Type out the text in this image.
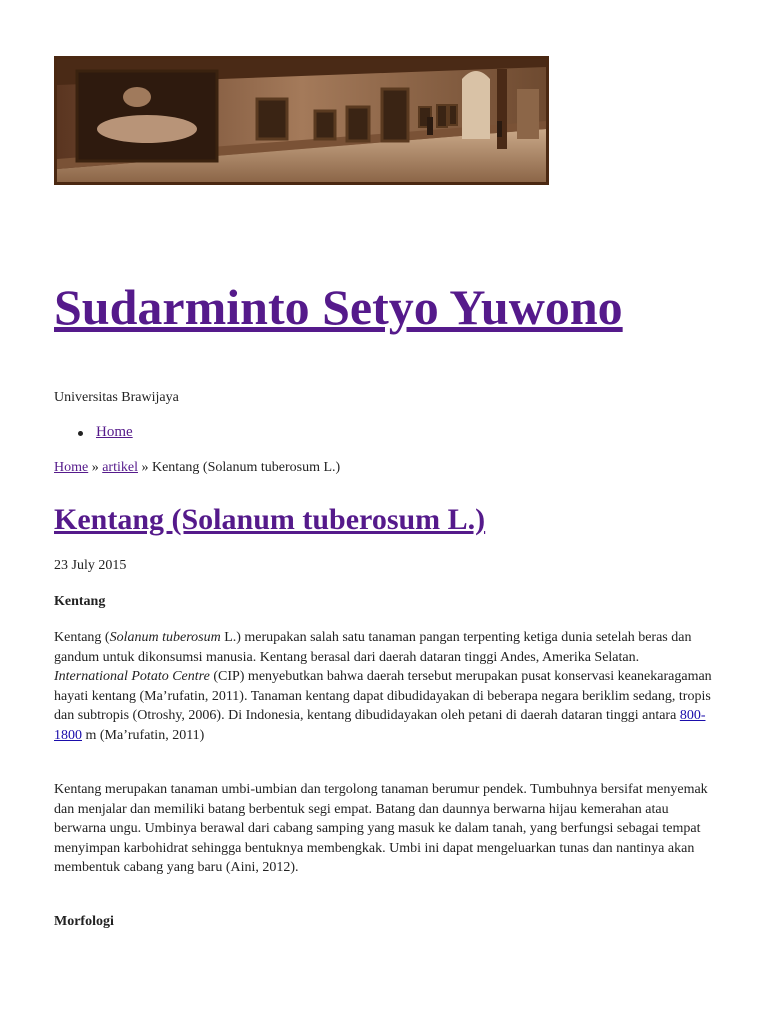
Sudarminto Setyo Yuwono

Universitas Brawijaya

Home
Home » artikel » Kentang (Solanum tuberosum L.)
Kentang (Solanum tuberosum L.)
23 July 2015
Kentang

Kentang (Solanum tuberosum L.) merupakan salah satu tanaman pangan terpenting ketiga dunia setelah beras dan gandum untuk dikonsumsi manusia. Kentang berasal dari daerah dataran tinggi Andes, Amerika Selatan. International Potato Centre (CIP) menyebutkan bahwa daerah tersebut merupakan pusat konservasi keanekaragaman hayati kentang (Ma’rufatin, 2011). Tanaman kentang dapat dibudidayakan di beberapa negara beriklim sedang, tropis dan subtropis (Otroshy, 2006). Di Indonesia, kentang dibudidayakan oleh petani di daerah dataran tinggi antara 800-1800 m (Ma’rufatin, 2011)

Kentang merupakan tanaman umbi-umbian dan tergolong tanaman berumur pendek. Tumbuhnya bersifat menyemak dan menjalar dan memiliki batang berbentuk segi empat. Batang dan daunnya berwarna hijau kemerahan atau berwarna ungu. Umbinya berawal dari cabang samping yang masuk ke dalam tanah, yang berfungsi sebagai tempat menyimpan karbohidrat sehingga bentuknya membengkak. Umbi ini dapat mengeluarkan tunas dan nantinya akan membentuk cabang yang baru (Aini, 2012).

Morfologi
